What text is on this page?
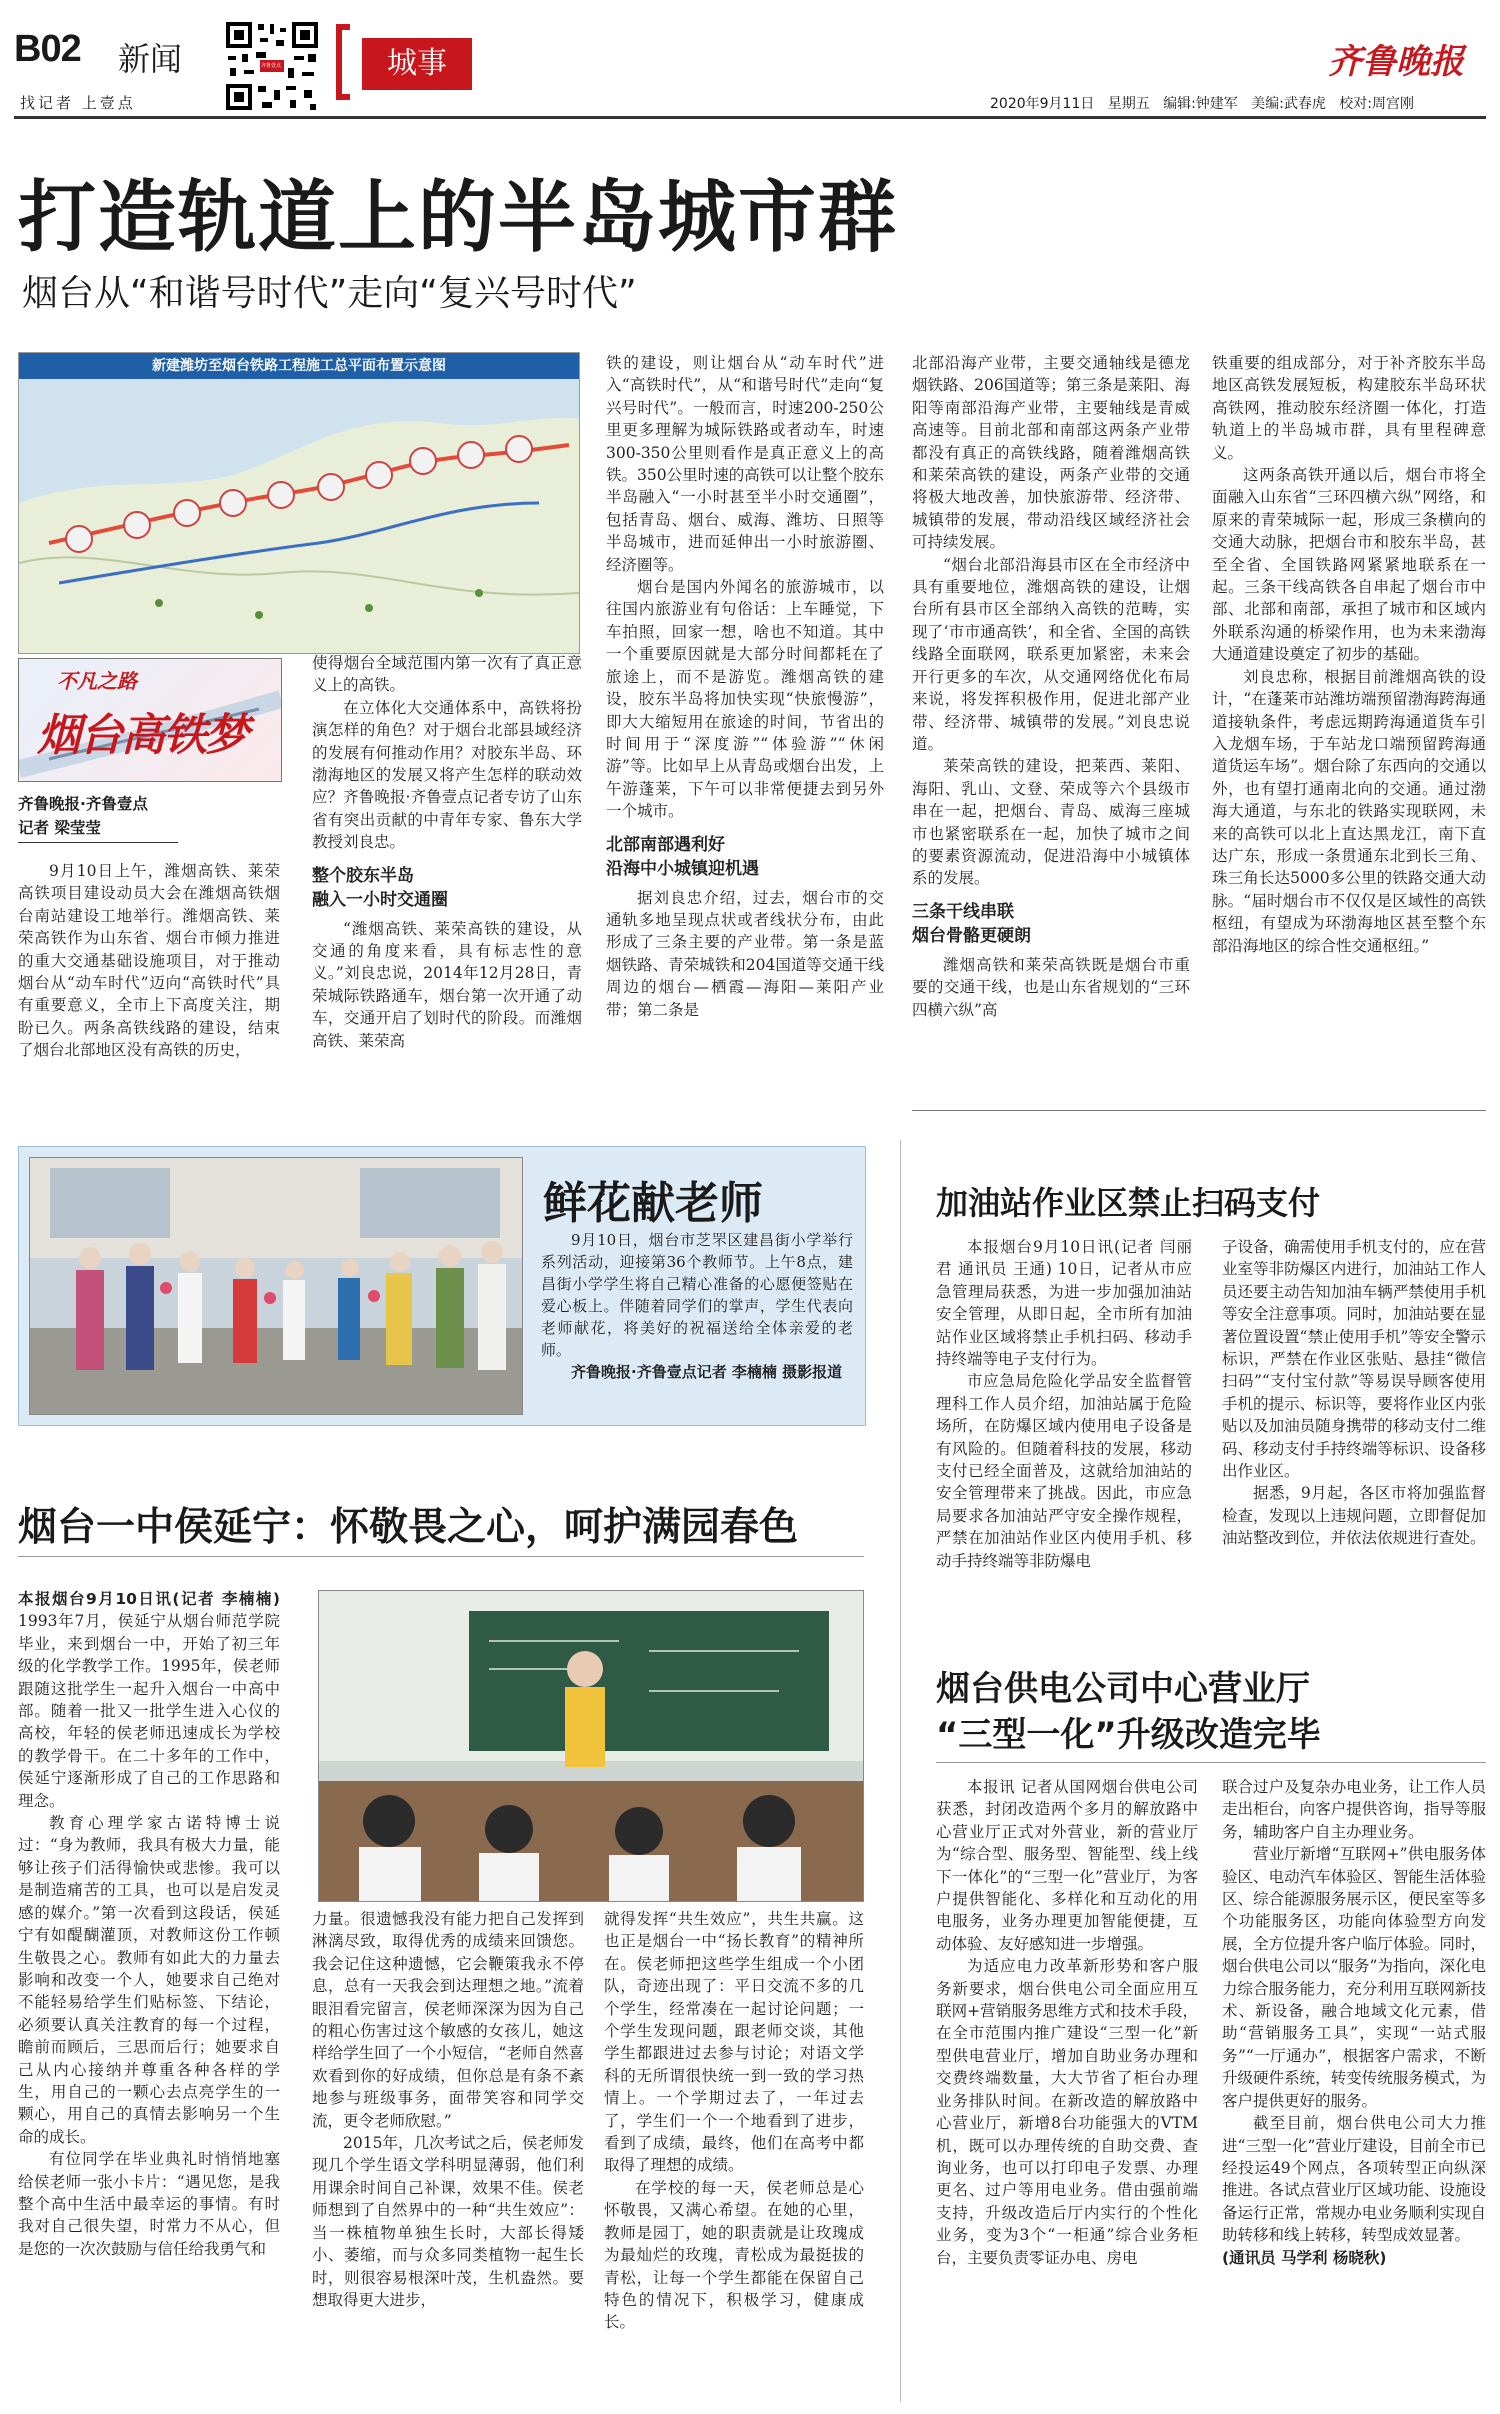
B02 新闻
找记者 上壹点
齐鲁壹点	城事	齐鲁晚报
2020年9月11日 星期五 编辑:钟建军 美编:武春虎 校对:周宫刚
打造轨道上的半岛城市群
烟台从“和谐号时代”走向“复兴号时代”
新建潍坊至烟台铁路工程施工总平面布置示意图
不凡之路
烟台高铁梦
齐鲁晚报·齐鲁壹点
记者 梁莹莹

9月10日上午，潍烟高铁、莱荣高铁项目建设动员大会在潍烟高铁烟台南站建设工地举行。潍烟高铁、莱荣高铁作为山东省、烟台市倾力推进的重大交通基础设施项目，对于推动烟台从“动车时代”迈向“高铁时代”具有重要意义，全市上下高度关注，期盼已久。两条高铁线路的建设，结束了烟台北部地区没有高铁的历史，

使得烟台全域范围内第一次有了真正意义上的高铁。

在立体化大交通体系中，高铁将扮演怎样的角色？对于烟台北部县域经济的发展有何推动作用？对胶东半岛、环渤海地区的发展又将产生怎样的联动效应？齐鲁晚报·齐鲁壹点记者专访了山东省有突出贡献的中青年专家、鲁东大学教授刘良忠。

整个胶东半岛
融入一小时交通圈

“潍烟高铁、莱荣高铁的建设，从交通的角度来看，具有标志性的意义。”刘良忠说，2014年12月28日，青荣城际铁路通车，烟台第一次开通了动车，交通开启了划时代的阶段。而潍烟高铁、莱荣高

铁的建设，则让烟台从“动车时代”进入“高铁时代”，从“和谐号时代”走向“复兴号时代”。一般而言，时速200-250公里更多理解为城际铁路或者动车，时速300-350公里则看作是真正意义上的高铁。350公里时速的高铁可以让整个胶东半岛融入“一小时甚至半小时交通圈”，包括青岛、烟台、威海、潍坊、日照等半岛城市，进而延伸出一小时旅游圈、经济圈等。

烟台是国内外闻名的旅游城市，以往国内旅游业有句俗话：上车睡觉，下车拍照，回家一想，啥也不知道。其中一个重要原因就是大部分时间都耗在了旅途上，而不是游览。潍烟高铁的建设，胶东半岛将加快实现“快旅慢游”，即大大缩短用在旅途的时间，节省出的时间用于“深度游”“体验游”“休闲游”等。比如早上从青岛或烟台出发，上午游蓬莱，下午可以非常便捷去到另外一个城市。

北部南部遇利好
沿海中小城镇迎机遇

据刘良忠介绍，过去，烟台市的交通轨多地呈现点状或者线状分布，由此形成了三条主要的产业带。第一条是蓝烟铁路、青荣城铁和204国道等交通干线周边的烟台—栖霞—海阳—莱阳产业带；第二条是

北部沿海产业带，主要交通轴线是德龙烟铁路、206国道等；第三条是莱阳、海阳等南部沿海产业带，主要轴线是青威高速等。目前北部和南部这两条产业带都没有真正的高铁线路，随着潍烟高铁和莱荣高铁的建设，两条产业带的交通将极大地改善，加快旅游带、经济带、城镇带的发展，带动沿线区域经济社会可持续发展。

“烟台北部沿海县市区在全市经济中具有重要地位，潍烟高铁的建设，让烟台所有县市区全部纳入高铁的范畴，实现了‘市市通高铁’，和全省、全国的高铁线路全面联网，联系更加紧密，未来会开行更多的车次，从交通网络优化布局来说，将发挥积极作用，促进北部产业带、经济带、城镇带的发展。”刘良忠说道。

莱荣高铁的建设，把莱西、莱阳、海阳、乳山、文登、荣成等六个县级市串在一起，把烟台、青岛、威海三座城市也紧密联系在一起，加快了城市之间的要素资源流动，促进沿海中小城镇体系的发展。

三条干线串联
烟台骨骼更硬朗

潍烟高铁和莱荣高铁既是烟台市重要的交通干线，也是山东省规划的“三环四横六纵”高

铁重要的组成部分，对于补齐胶东半岛地区高铁发展短板，构建胶东半岛环状高铁网，推动胶东经济圈一体化，打造轨道上的半岛城市群，具有里程碑意义。

这两条高铁开通以后，烟台市将全面融入山东省“三环四横六纵”网络，和原来的青荣城际一起，形成三条横向的交通大动脉，把烟台市和胶东半岛，甚至全省、全国铁路网紧紧地联系在一起。三条干线高铁各自串起了烟台市中部、北部和南部，承担了城市和区域内外联系沟通的桥梁作用，也为未来渤海大通道建设奠定了初步的基础。

刘良忠称，根据目前潍烟高铁的设计，“在蓬莱市站潍坊端预留渤海跨海通道接轨条件，考虑远期跨海通道货车引入龙烟车场，于车站龙口端预留跨海通道货运车场”。烟台除了东西向的交通以外，也有望打通南北向的交通。通过渤海大通道，与东北的铁路实现联网，未来的高铁可以北上直达黑龙江，南下直达广东，形成一条贯通东北到长三角、珠三角长达5000多公里的铁路交通大动脉。“届时烟台市不仅仅是区域性的高铁枢纽，有望成为环渤海地区甚至整个东部沿海地区的综合性交通枢纽。”

鲜花献老师

9月10日，烟台市芝罘区建昌街小学举行系列活动，迎接第36个教师节。上午8点，建昌街小学学生将自己精心准备的心愿便签贴在爱心板上。伴随着同学们的掌声，学生代表向老师献花，将美好的祝福送给全体亲爱的老师。

齐鲁晚报·齐鲁壹点记者 李楠楠 摄影报道

烟台一中侯延宁：怀敬畏之心，呵护满园春色

本报烟台9月10日讯(记者 李楠楠) 1993年7月，侯延宁从烟台师范学院毕业，来到烟台一中，开始了初三年级的化学教学工作。1995年，侯老师跟随这批学生一起升入烟台一中高中部。随着一批又一批学生进入心仪的高校，年轻的侯老师迅速成长为学校的教学骨干。在二十多年的工作中，侯延宁逐渐形成了自己的工作思路和理念。

教育心理学家古诺特博士说过：“身为教师，我具有极大力量，能够让孩子们活得愉快或悲惨。我可以是制造痛苦的工具，也可以是启发灵感的媒介。”第一次看到这段话，侯延宁有如醍醐灌顶，对教师这份工作顿生敬畏之心。教师有如此大的力量去影响和改变一个人，她要求自己绝对不能轻易给学生们贴标签、下结论，必须要认真关注教育的每一个过程，瞻前而顾后，三思而后行；她要求自己从内心接纳并尊重各种各样的学生，用自己的一颗心去点亮学生的一颗心，用自己的真情去影响另一个生命的成长。

有位同学在毕业典礼时悄悄地塞给侯老师一张小卡片：“遇见您，是我整个高中生活中最幸运的事情。有时我对自己很失望，时常力不从心，但是您的一次次鼓励与信任给我勇气和

力量。很遗憾我没有能力把自己发挥到淋漓尽致，取得优秀的成绩来回馈您。我会记住这种遗憾，它会鞭策我永不停息，总有一天我会到达理想之地。”流着眼泪看完留言，侯老师深深为因为自己的粗心伤害过这个敏感的女孩儿，她这样给学生回了一个小短信，“老师自然喜欢看到你的好成绩，但你总是有条不紊地参与班级事务，面带笑容和同学交流，更令老师欣慰。”

2015年，几次考试之后，侯老师发现几个学生语文学科明显薄弱，他们利用课余时间自己补课，效果不佳。侯老师想到了自然界中的一种“共生效应”：当一株植物单独生长时，大部长得矮小、萎缩，而与众多同类植物一起生长时，则很容易根深叶茂，生机盎然。要想取得更大进步，

就得发挥“共生效应”，共生共赢。这也正是烟台一中“扬长教育”的精神所在。侯老师把这些学生组成一个小团队，奇迹出现了：平日交流不多的几个学生，经常凑在一起讨论问题；一个学生发现问题，跟老师交谈，其他学生都跟进过去参与讨论；对语文学科的无所谓很快统一到一致的学习热情上。一个学期过去了，一年过去了，学生们一个一个地看到了进步，看到了成绩，最终，他们在高考中都取得了理想的成绩。

在学校的每一天，侯老师总是心怀敬畏，又满心希望。在她的心里，教师是园丁，她的职责就是让玫瑰成为最灿烂的玫瑰，青松成为最挺拔的青松，让每一个学生都能在保留自己特色的情况下，积极学习，健康成长。

加油站作业区禁止扫码支付

本报烟台9月10日讯(记者 闫丽君 通讯员 王通) 10日，记者从市应急管理局获悉，为进一步加强加油站安全管理，从即日起，全市所有加油站作业区域将禁止手机扫码、移动手持终端等电子支付行为。

市应急局危险化学品安全监督管理科工作人员介绍，加油站属于危险场所，在防爆区域内使用电子设备是有风险的。但随着科技的发展，移动支付已经全面普及，这就给加油站的安全管理带来了挑战。因此，市应急局要求各加油站严守安全操作规程，严禁在加油站作业区内使用手机、移动手持终端等非防爆电

子设备，确需使用手机支付的，应在营业室等非防爆区内进行，加油站工作人员还要主动告知加油车辆严禁使用手机等安全注意事项。同时，加油站要在显著位置设置“禁止使用手机”等安全警示标识，严禁在作业区张贴、悬挂“微信扫码”“支付宝付款”等易误导顾客使用手机的提示、标识等，要将作业区内张贴以及加油员随身携带的移动支付二维码、移动支付手持终端等标识、设备移出作业区。

据悉，9月起，各区市将加强监督检查，发现以上违规问题，立即督促加油站整改到位，并依法依规进行查处。

烟台供电公司中心营业厅
“三型一化”升级改造完毕

本报讯 记者从国网烟台供电公司获悉，封闭改造两个多月的解放路中心营业厅正式对外营业，新的营业厅为“综合型、服务型、智能型、线上线下一体化”的“三型一化”营业厅，为客户提供智能化、多样化和互动化的用电服务，业务办理更加智能便捷，互动体验、友好感知进一步增强。

为适应电力改革新形势和客户服务新要求，烟台供电公司全面应用互联网+营销服务思维方式和技术手段，在全市范围内推广建设“三型一化”新型供电营业厅，增加自助业务办理和交费终端数量，大大节省了柜台办理业务排队时间。在新改造的解放路中心营业厅，新增8台功能强大的VTM机，既可以办理传统的自助交费、查询业务，也可以打印电子发票、办理更名、过户等用电业务。借由强前端支持，升级改造后厅内实行的个性化业务，变为3个“一柜通”综合业务柜台，主要负责零证办电、房电

联合过户及复杂办电业务，让工作人员走出柜台，向客户提供咨询，指导等服务，辅助客户自主办理业务。

营业厅新增“互联网+”供电服务体验区、电动汽车体验区、智能生活体验区、综合能源服务展示区，便民室等多个功能服务区，功能向体验型方向发展，全方位提升客户临厅体验。同时，烟台供电公司以“服务”为指向，深化电力综合服务能力，充分利用互联网新技术、新设备，融合地域文化元素，借助“营销服务工具”，实现“一站式服务”“一厅通办”，根据客户需求，不断升级硬件系统，转变传统服务模式，为客户提供更好的服务。

截至目前，烟台供电公司大力推进“三型一化”营业厅建设，目前全市已经投运49个网点，各项转型正向纵深推进。各试点营业厅区域功能、设施设备运行正常，常规办电业务顺利实现自助转移和线上转移，转型成效显著。

(通讯员 马学利 杨晓秋)
